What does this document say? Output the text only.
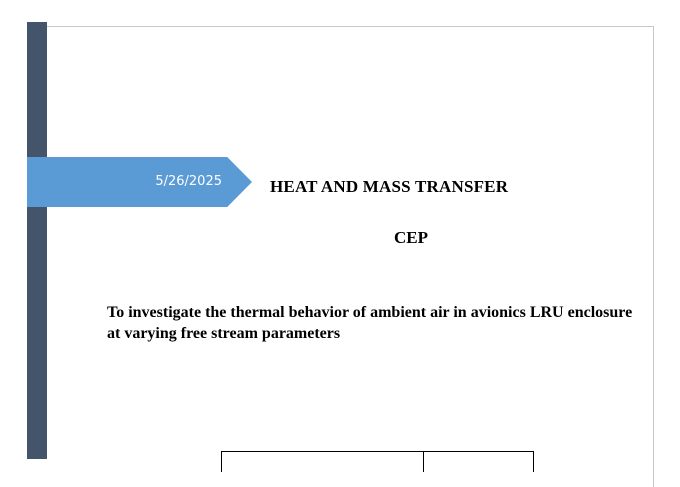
5/26/2025	HEAT AND MASS TRANSFER
CEP
To investigate the thermal behavior of ambient air in avionics LRU enclosure at varying free stream parameters
